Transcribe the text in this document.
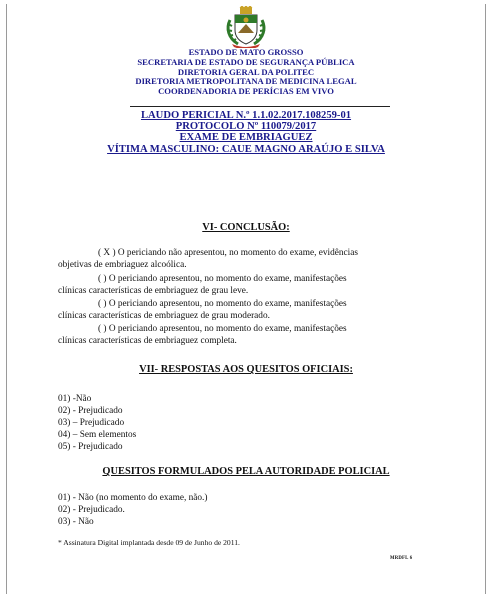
ESTADO DE MATO GROSSO
SECRETARIA DE ESTADO DE SEGURANÇA PÚBLICA
DIRETORIA GERAL DA POLITEC
DIRETORIA METROPOLITANA DE MEDICINA LEGAL
COORDENADORIA DE PERÍCIAS EM VIVO
LAUDO PERICIAL N.º 1.1.02.2017.108259-01
PROTOCOLO Nº 110079/2017
EXAME DE EMBRIAGUEZ
VÍTIMA MASCULINO: CAUE MAGNO ARAÚJO E SILVA
VI- CONCLUSÃO:
( X ) O periciando não apresentou, no momento do exame, evidências
objetivas de embriaguez alcoólica.
( ) O periciando apresentou, no momento do exame, manifestações
clínicas características de embriaguez de grau leve.
( ) O periciando apresentou, no momento do exame, manifestações
clínicas características de embriaguez de grau moderado.
( ) O periciando apresentou, no momento do exame, manifestações
clínicas características de embriaguez completa.
VII- RESPOSTAS AOS QUESITOS OFICIAIS:
01) -Não
02) - Prejudicado
03) – Prejudicado
04) – Sem elementos
05) - Prejudicado
QUESITOS FORMULADOS PELA AUTORIDADE POLICIAL
01) - Não (no momento do exame, não.)
02) - Prejudicado.
03) - Não
* Assinatura Digital implantada desde 09 de Junho de 2011.
MRDFL 6
